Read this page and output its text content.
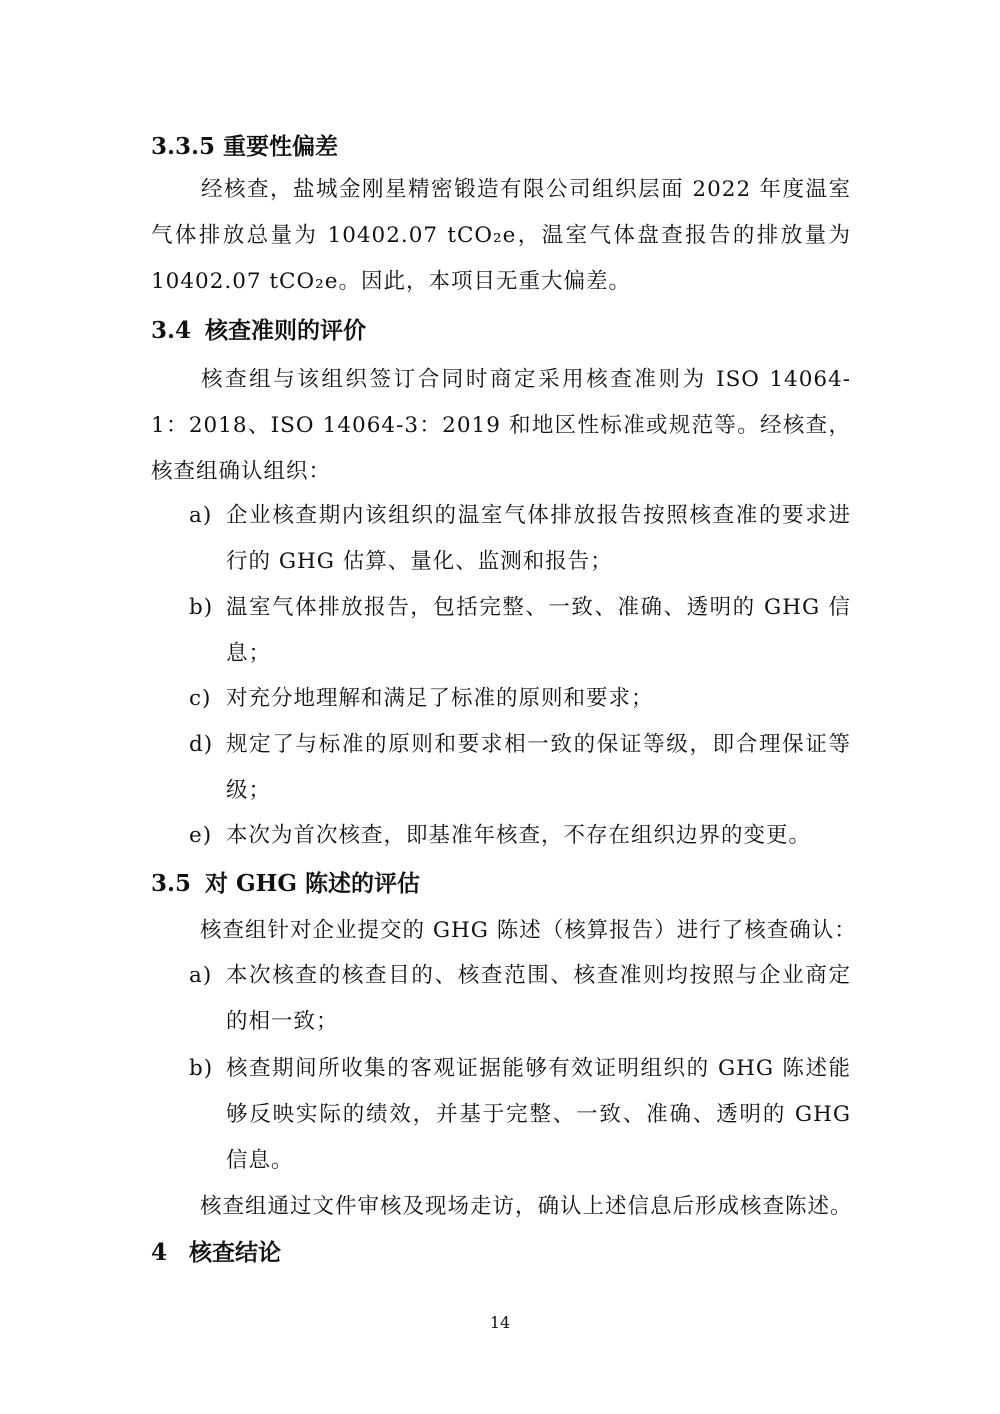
3.3.5 重要性偏差
经核查，盐城金刚星精密锻造有限公司组织层面 2022 年度温室气体排放总量为 10402.07 tCO₂e，温室气体盘查报告的排放量为 10402.07 tCO₂e。因此，本项目无重大偏差。
3.4 核查准则的评价
核查组与该组织签订合同时商定采用核查准则为 ISO 14064-1：2018、ISO 14064-3：2019 和地区性标准或规范等。经核查，核查组确认组织：
a) 企业核查期内该组织的温室气体排放报告按照核查准的要求进行的 GHG 估算、量化、监测和报告；
b) 温室气体排放报告，包括完整、一致、准确、透明的 GHG 信息；
c) 对充分地理解和满足了标准的原则和要求；
d) 规定了与标准的原则和要求相一致的保证等级，即合理保证等级；
e) 本次为首次核查，即基准年核查，不存在组织边界的变更。
3.5 对 GHG 陈述的评估
核查组针对企业提交的 GHG 陈述（核算报告）进行了核查确认：
a) 本次核查的核查目的、核查范围、核查准则均按照与企业商定的相一致；
b) 核查期间所收集的客观证据能够有效证明组织的 GHG 陈述能够反映实际的绩效，并基于完整、一致、准确、透明的 GHG 信息。
核查组通过文件审核及现场走访，确认上述信息后形成核查陈述。
4 核查结论
14
